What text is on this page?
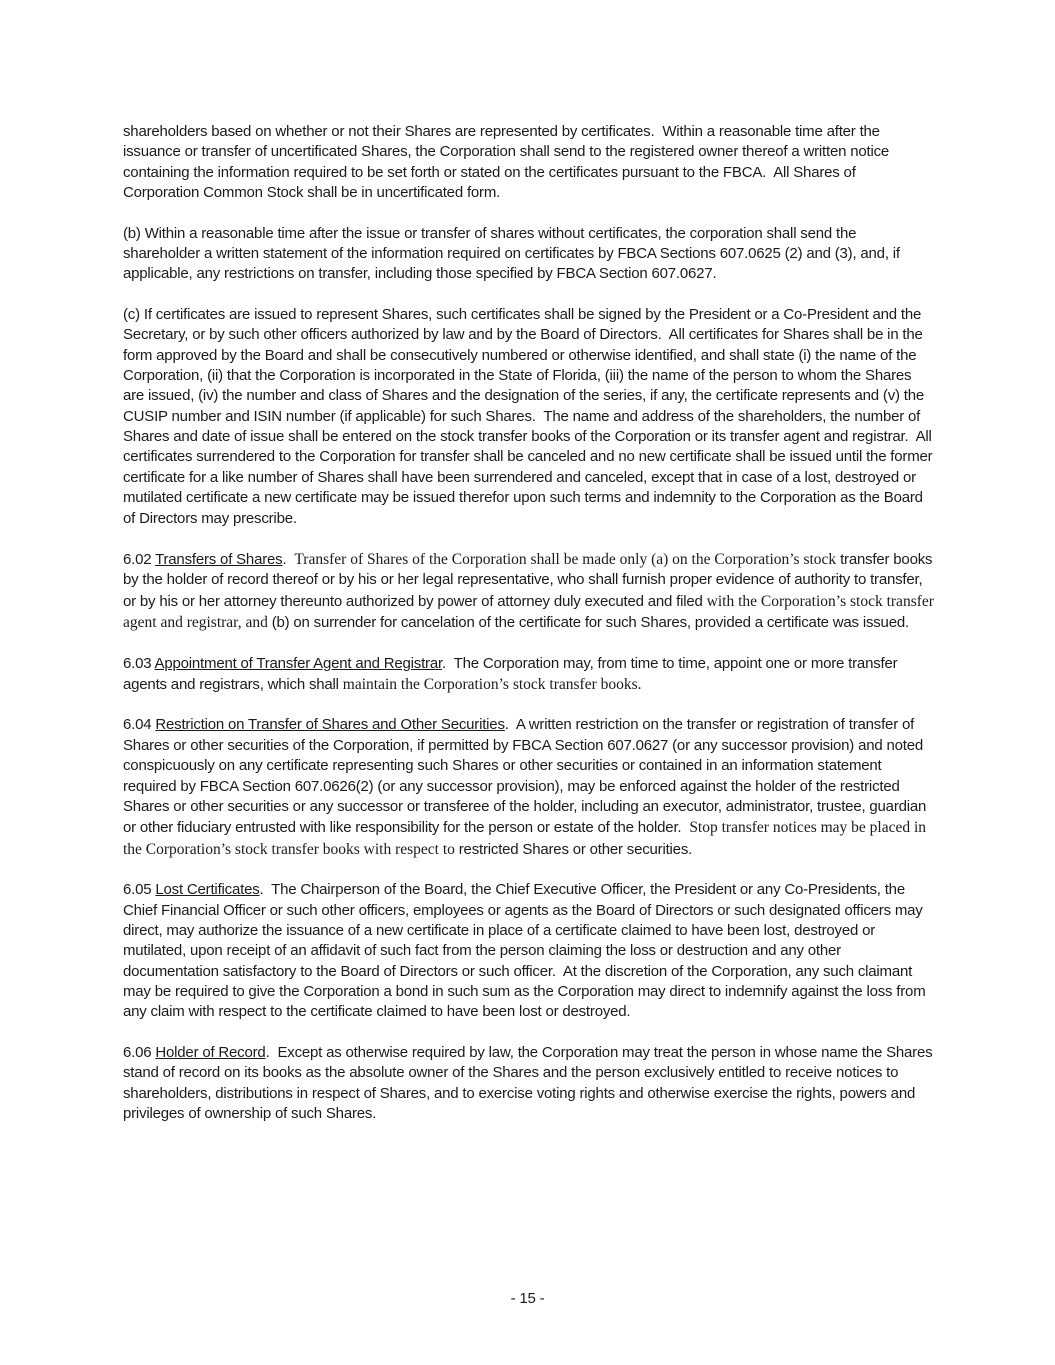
shareholders based on whether or not their Shares are represented by certificates.  Within a reasonable time after the issuance or transfer of uncertificated Shares, the Corporation shall send to the registered owner thereof a written notice containing the information required to be set forth or stated on the certificates pursuant to the FBCA.  All Shares of Corporation Common Stock shall be in uncertificated form.

(b) Within a reasonable time after the issue or transfer of shares without certificates, the corporation shall send the shareholder a written statement of the information required on certificates by FBCA Sections 607.0625 (2) and (3), and, if applicable, any restrictions on transfer, including those specified by FBCA Section 607.0627.

(c) If certificates are issued to represent Shares, such certificates shall be signed by the President or a Co-President and the Secretary, or by such other officers authorized by law and by the Board of Directors.  All certificates for Shares shall be in the form approved by the Board and shall be consecutively numbered or otherwise identified, and shall state (i) the name of the Corporation, (ii) that the Corporation is incorporated in the State of Florida, (iii) the name of the person to whom the Shares are issued, (iv) the number and class of Shares and the designation of the series, if any, the certificate represents and (v) the CUSIP number and ISIN number (if applicable) for such Shares.  The name and address of the shareholders, the number of Shares and date of issue shall be entered on the stock transfer books of the Corporation or its transfer agent and registrar.  All certificates surrendered to the Corporation for transfer shall be canceled and no new certificate shall be issued until the former certificate for a like number of Shares shall have been surrendered and canceled, except that in case of a lost, destroyed or mutilated certificate a new certificate may be issued therefor upon such terms and indemnity to the Corporation as the Board of Directors may prescribe.

6.02 Transfers of Shares.  Transfer of Shares of the Corporation shall be made only (a) on the Corporation’s stock transfer books by the holder of record thereof or by his or her legal representative, who shall furnish proper evidence of authority to transfer, or by his or her attorney thereunto authorized by power of attorney duly executed and filed with the Corporation’s stock transfer agent and registrar, and (b) on surrender for cancelation of the certificate for such Shares, provided a certificate was issued.

6.03 Appointment of Transfer Agent and Registrar.  The Corporation may, from time to time, appoint one or more transfer agents and registrars, which shall maintain the Corporation’s stock transfer books.

6.04 Restriction on Transfer of Shares and Other Securities.  A written restriction on the transfer or registration of transfer of Shares or other securities of the Corporation, if permitted by FBCA Section 607.0627 (or any successor provision) and noted conspicuously on any certificate representing such Shares or other securities or contained in an information statement required by FBCA Section 607.0626(2) (or any successor provision), may be enforced against the holder of the restricted Shares or other securities or any successor or transferee of the holder, including an executor, administrator, trustee, guardian or other fiduciary entrusted with like responsibility for the person or estate of the holder.  Stop transfer notices may be placed in the Corporation’s stock transfer books with respect to restricted Shares or other securities.

6.05 Lost Certificates.  The Chairperson of the Board, the Chief Executive Officer, the President or any Co-Presidents, the Chief Financial Officer or such other officers, employees or agents as the Board of Directors or such designated officers may direct, may authorize the issuance of a new certificate in place of a certificate claimed to have been lost, destroyed or mutilated, upon receipt of an affidavit of such fact from the person claiming the loss or destruction and any other documentation satisfactory to the Board of Directors or such officer.  At the discretion of the Corporation, any such claimant may be required to give the Corporation a bond in such sum as the Corporation may direct to indemnify against the loss from any claim with respect to the certificate claimed to have been lost or destroyed.

6.06 Holder of Record.  Except as otherwise required by law, the Corporation may treat the person in whose name the Shares stand of record on its books as the absolute owner of the Shares and the person exclusively entitled to receive notices to shareholders, distributions in respect of Shares, and to exercise voting rights and otherwise exercise the rights, powers and privileges of ownership of such Shares.

- 15 -
